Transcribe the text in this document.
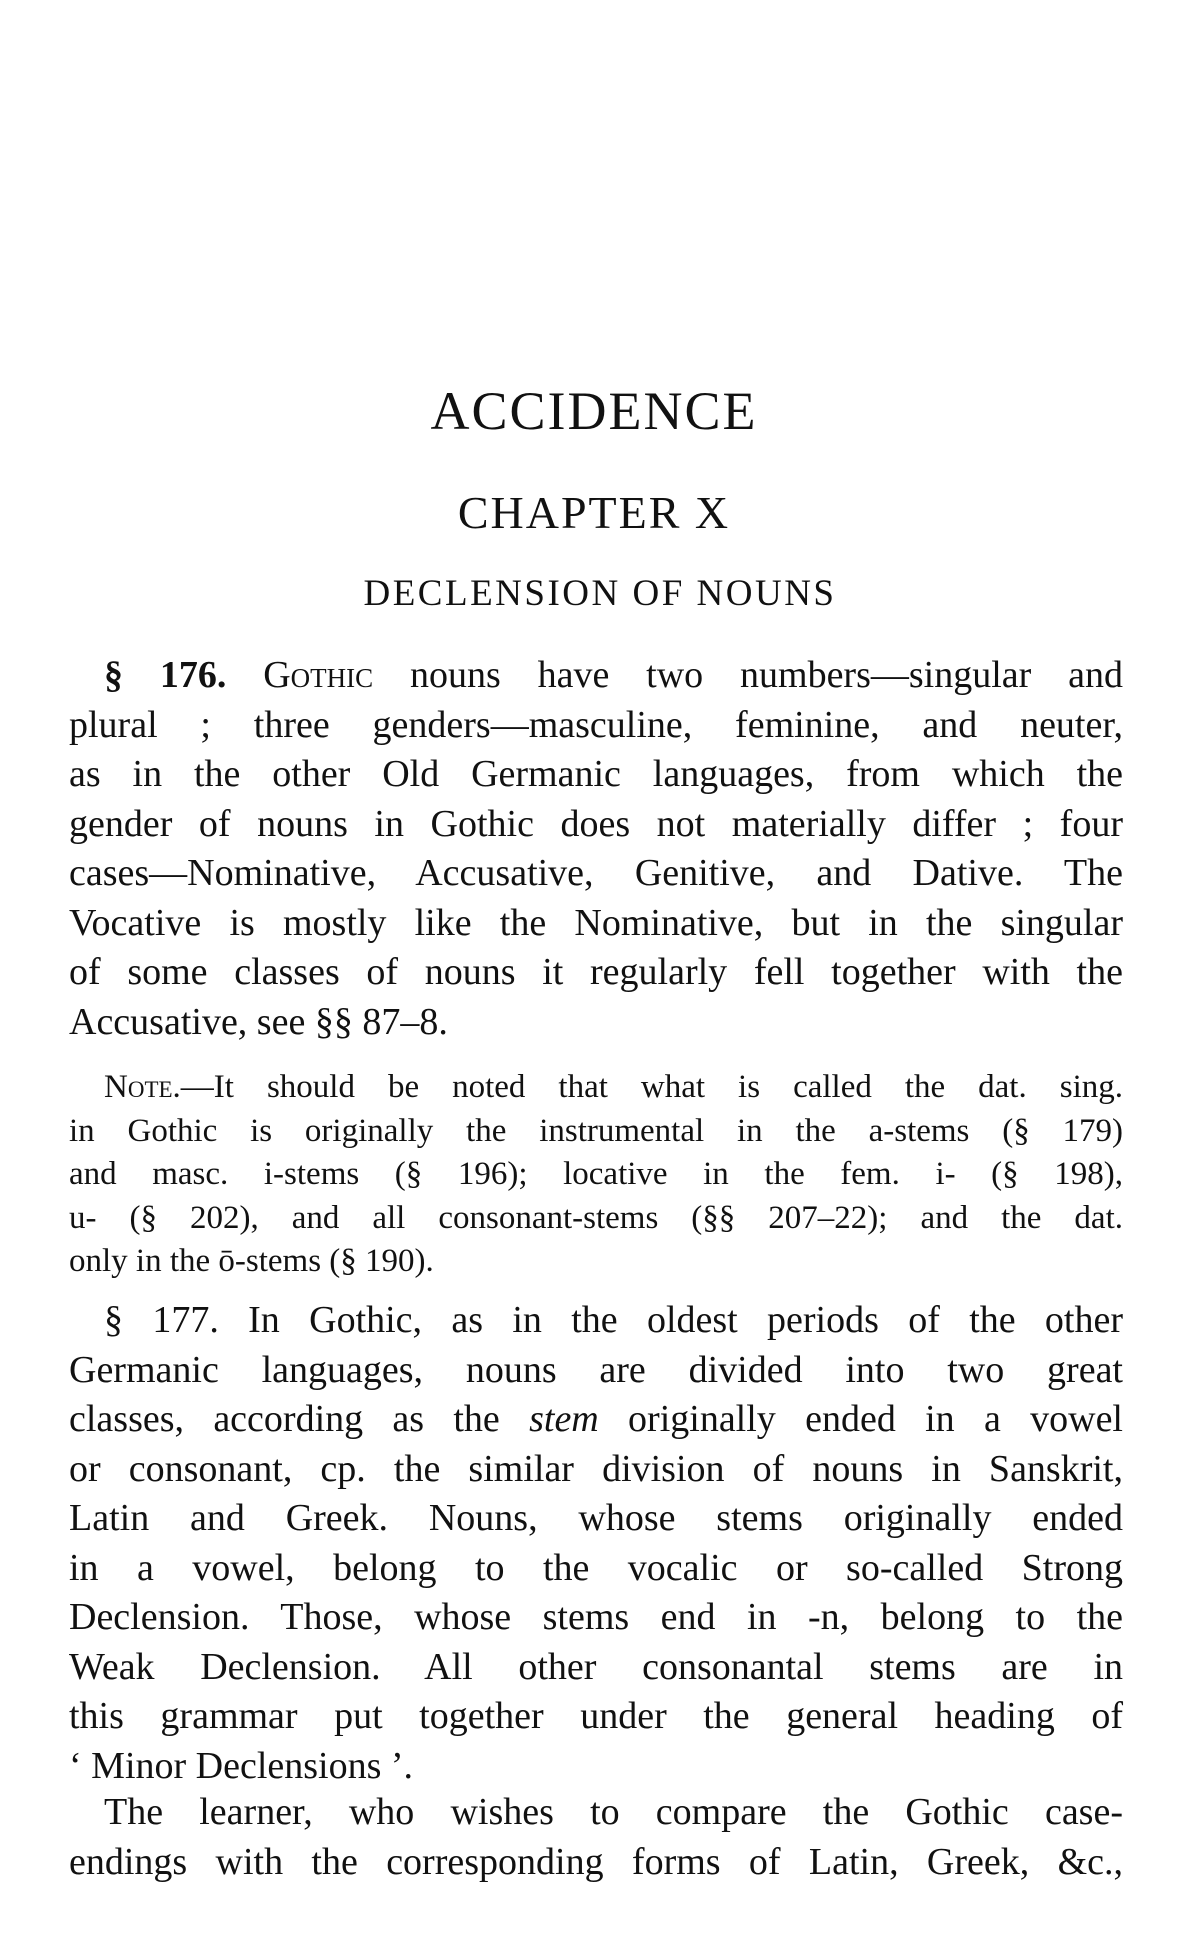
ACCIDENCE
CHAPTER X
DECLENSION OF NOUNS
§ 176. Gothic nouns have two numbers—singular and
plural ; three genders—masculine, feminine, and neuter,
as in the other Old Germanic languages, from which the
gender of nouns in Gothic does not materially differ ; four
cases—Nominative, Accusative, Genitive, and Dative. The
Vocative is mostly like the Nominative, but in the singular
of some classes of nouns it regularly fell together with the
Accusative, see §§ 87–8.
Note.—It should be noted that what is called the dat. sing.
in Gothic is originally the instrumental in the a-stems (§ 179)
and masc. i-stems (§ 196); locative in the fem. i- (§ 198),
u- (§ 202), and all consonant-stems (§§ 207–22); and the dat.
only in the ō-stems (§ 190).
§ 177. In Gothic, as in the oldest periods of the other
Germanic languages, nouns are divided into two great
classes, according as the stem originally ended in a vowel
or consonant, cp. the similar division of nouns in Sanskrit,
Latin and Greek. Nouns, whose stems originally ended
in a vowel, belong to the vocalic or so-called Strong
Declension. Those, whose stems end in -n, belong to the
Weak Declension. All other consonantal stems are in
this grammar put together under the general heading of
‘ Minor Declensions ’.
The learner, who wishes to compare the Gothic case-
endings with the corresponding forms of Latin, Greek, &c.,
